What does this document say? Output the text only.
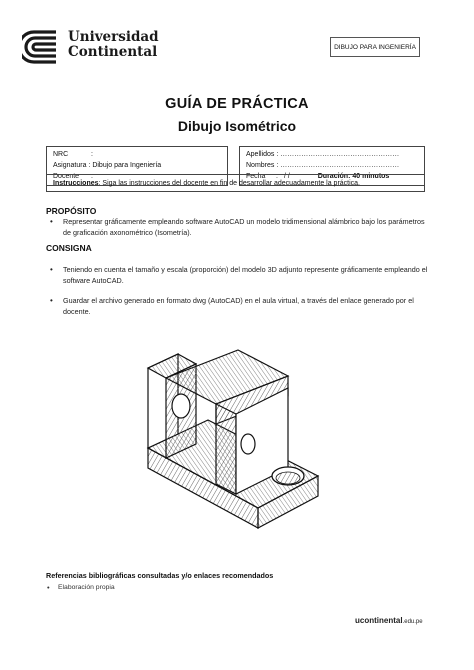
Universidad
Continental	DIBUJO PARA INGENIERÍA
GUÍA DE PRÁCTICA
Dibujo Isométrico
NRC	:
Asignatura : Dibujo para Ingeniería
Docente :
Apellidos : ……………………………………………
Nombres : ……………………………………………
Fecha : / /	Duración: 40 minutos
Instrucciones: Siga las instrucciones del docente en fin de desarrollar adecuadamente la práctica.
PROPÓSITO
• Representar gráficamente empleando software AutoCAD un modelo tridimensional alámbrico bajo los parámetros de graficación axonométrico (Isometría).
CONSIGNA
• Teniendo en cuenta el tamaño y escala (proporción) del modelo 3D adjunto represente gráficamente empleando el software AutoCAD.
• Guardar el archivo generado en formato dwg (AutoCAD) en el aula virtual, a través del enlace generado por el docente.
Referencias bibliográficas consultadas y/o enlaces recomendados
• Elaboración propia
ucontinental.edu.pe
